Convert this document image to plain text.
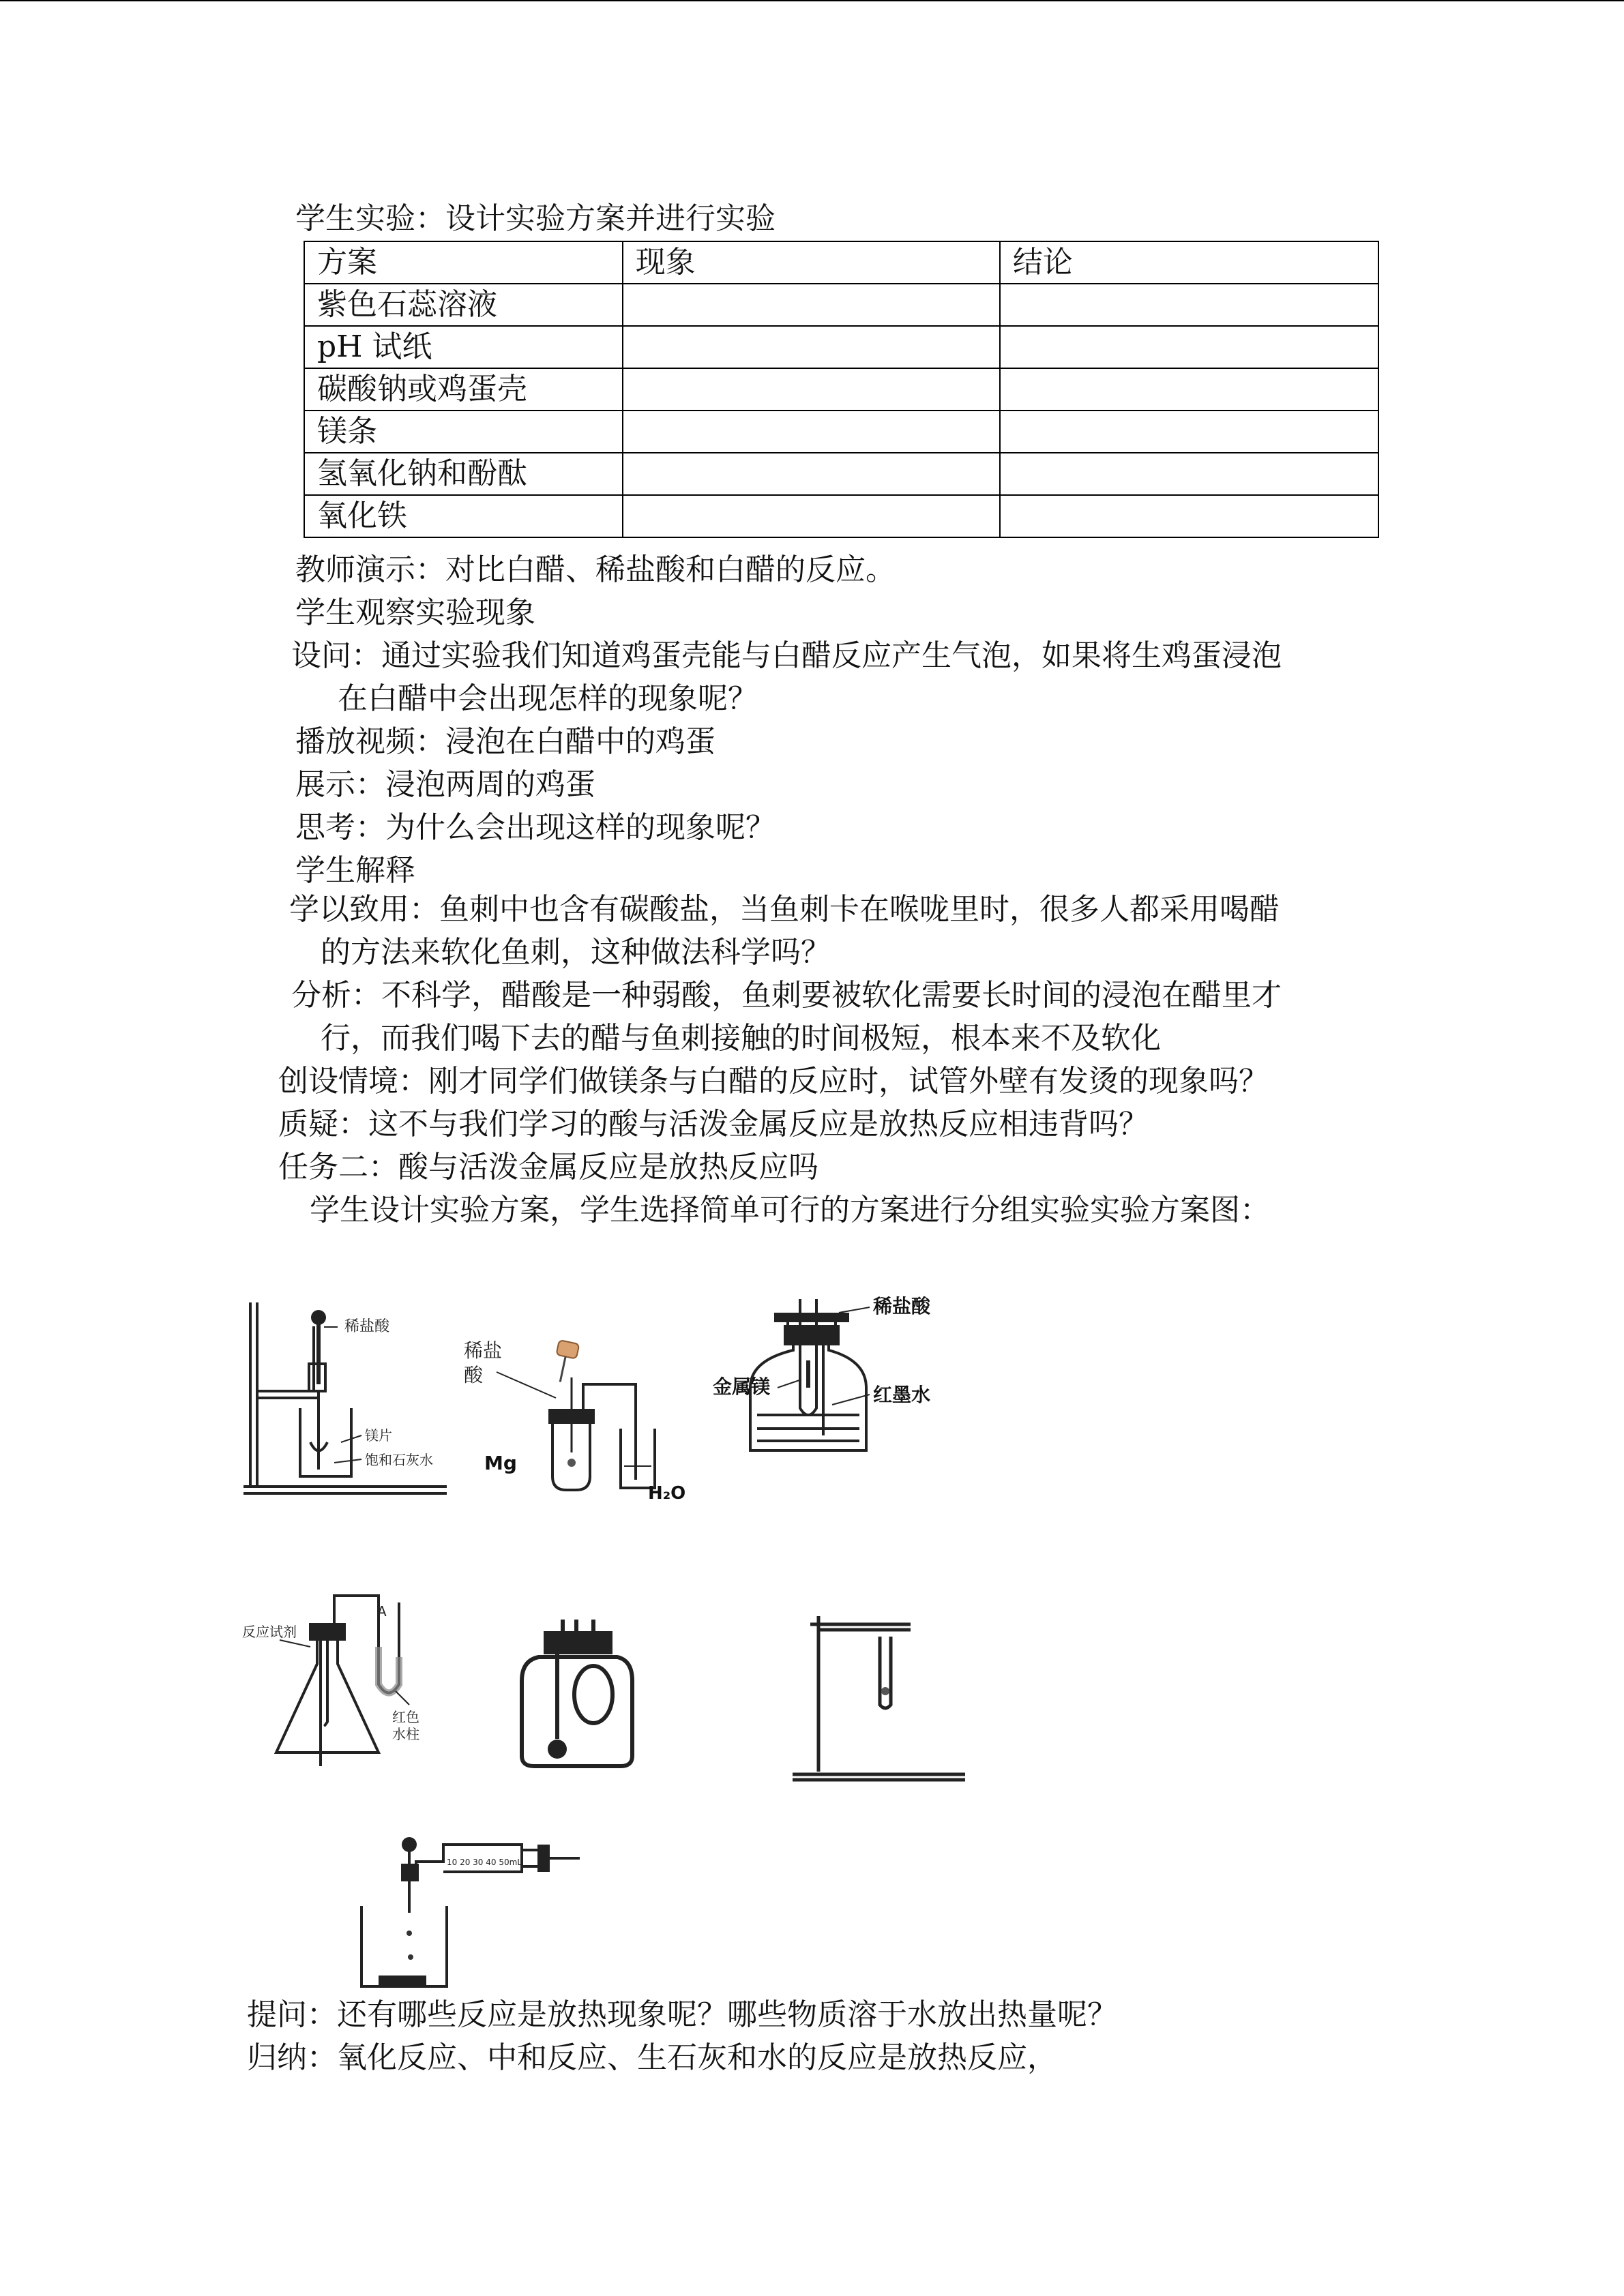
学生实验：设计实验方案并进行实验
方案	现象	结论
紫色石蕊溶液		
pH 试纸		
碳酸钠或鸡蛋壳		
镁条		
氢氧化钠和酚酞		
氧化铁		
教师演示：对比白醋、稀盐酸和白醋的反应。
学生观察实验现象
设问：通过实验我们知道鸡蛋壳能与白醋反应产生气泡，如果将生鸡蛋浸泡
在白醋中会出现怎样的现象呢？
播放视频：浸泡在白醋中的鸡蛋
展示：浸泡两周的鸡蛋
思考：为什么会出现这样的现象呢？
学生解释
学以致用：鱼刺中也含有碳酸盐，当鱼刺卡在喉咙里时，很多人都采用喝醋
的方法来软化鱼刺，这种做法科学吗？
分析：不科学，醋酸是一种弱酸，鱼刺要被软化需要长时间的浸泡在醋里才
行，而我们喝下去的醋与鱼刺接触的时间极短，根本来不及软化
创设情境：刚才同学们做镁条与白醋的反应时，试管外壁有发烫的现象吗？
质疑：这不与我们学习的酸与活泼金属反应是放热反应相违背吗？
任务二：酸与活泼金属反应是放热反应吗
学生设计实验方案，学生选择简单可行的方案进行分组实验实验方案图：
稀盐酸
镁片
饱和石灰水
稀盐
酸
Mg
H₂O
稀盐酸
金属镁	红墨水
反应试剂
A
红色
水柱
10 20 30 40 50mL
提问：还有哪些反应是放热现象呢？哪些物质溶于水放出热量呢？
归纳：氧化反应、中和反应、生石灰和水的反应是放热反应，
